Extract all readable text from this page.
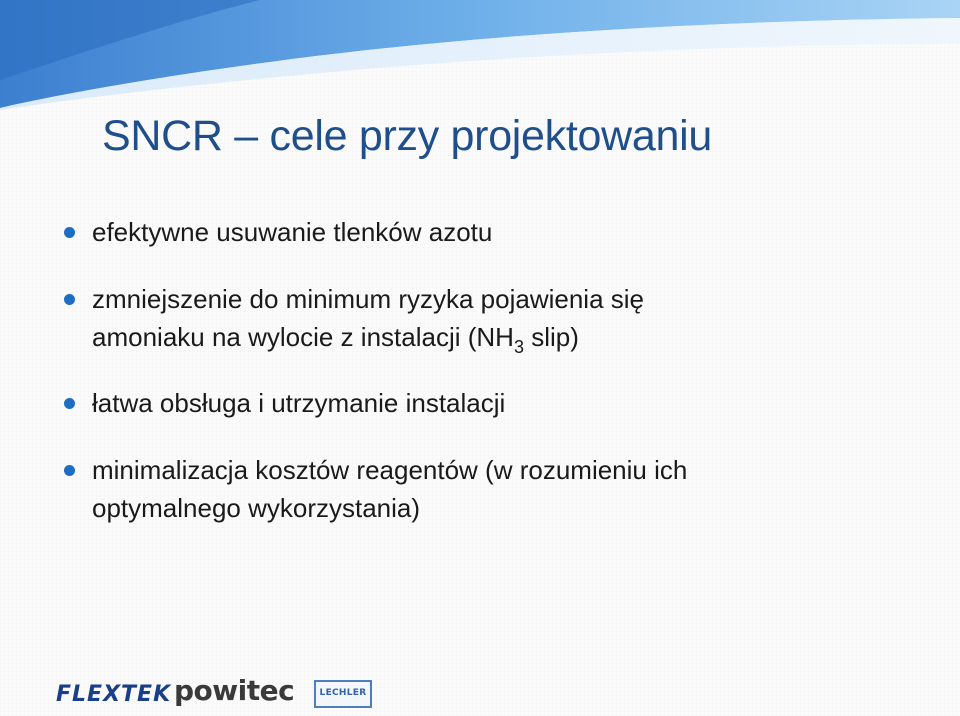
SNCR – cele przy projektowaniu
efektywne usuwanie tlenków azotu
zmniejszenie do minimum ryzyka pojawienia się
amoniaku na wylocie z instalacji ($NH_3$ slip)
łatwa obsługa i utrzymanie instalacji
minimalizacja kosztów reagentów (w rozumieniu ich
optymalnego wykorzystania)
FLEXTEK powitec	LECHLER
